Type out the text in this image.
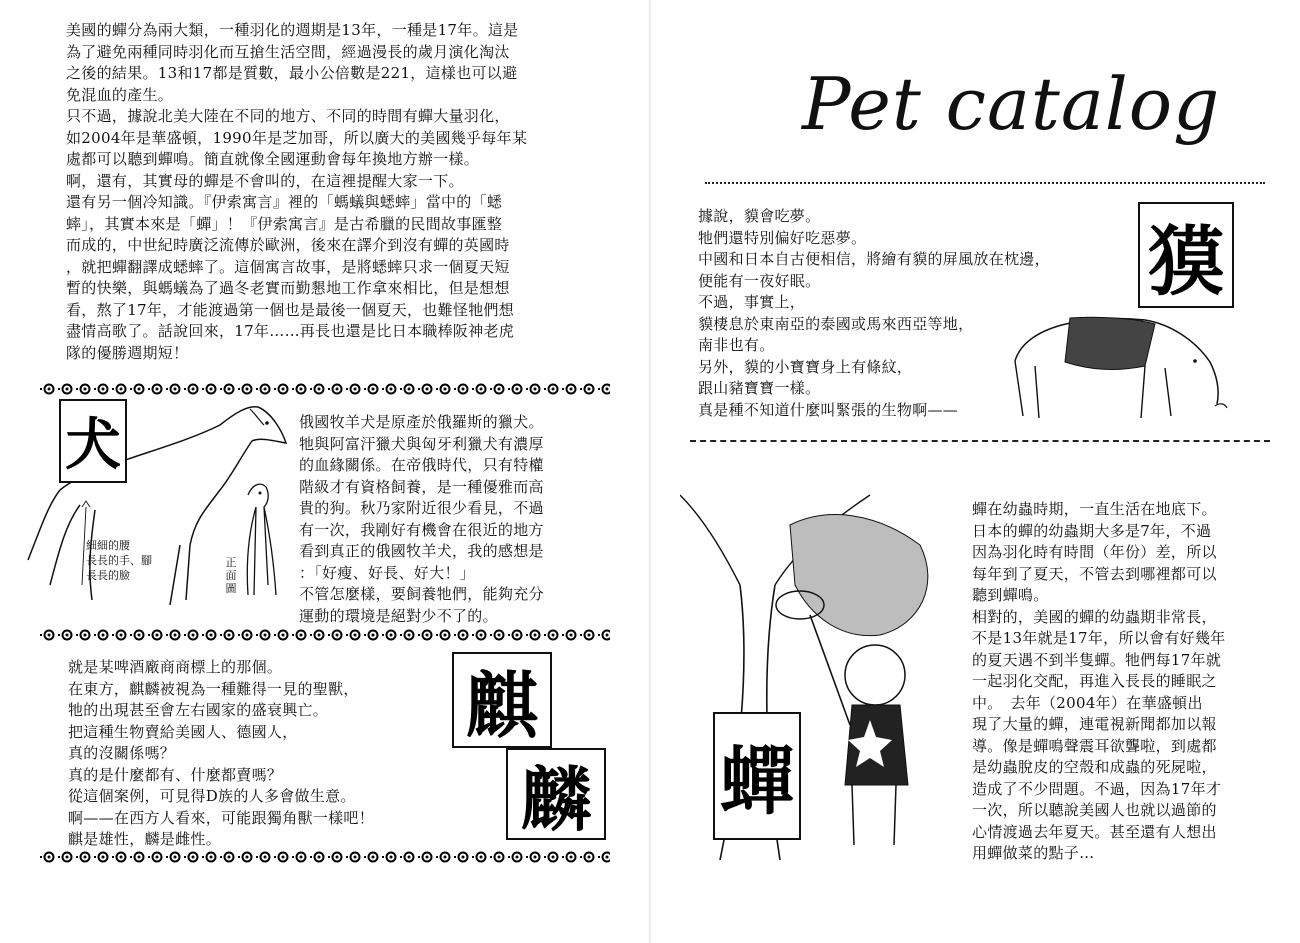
美國的蟬分為兩大類，一種羽化的週期是13年，一種是17年。這是
為了避免兩種同時羽化而互搶生活空間，經過漫長的歲月演化淘汰
之後的結果。13和17都是質數，最小公倍數是221，這樣也可以避
免混血的產生。
只不過，據說北美大陸在不同的地方、不同的時間有蟬大量羽化，
如2004年是華盛頓，1990年是芝加哥，所以廣大的美國幾乎每年某
處都可以聽到蟬鳴。簡直就像全國運動會每年換地方辦一樣。
啊，還有，其實母的蟬是不會叫的，在這裡提醒大家一下。
還有另一個冷知識。『伊索寓言』裡的「螞蟻與蟋蟀」當中的「蟋
蟀」，其實本來是「蟬」！『伊索寓言』是古希臘的民間故事匯整
而成的，中世紀時廣泛流傳於歐洲，後來在譯介到沒有蟬的英國時
，就把蟬翻譯成蟋蟀了。這個寓言故事，是將蟋蟀只求一個夏天短
暫的快樂，與螞蟻為了過冬老實而勤懇地工作拿來相比，但是想想
看，熬了17年，才能渡過第一個也是最後一個夏天，也難怪牠們想
盡情高歌了。話說回來，17年……再長也還是比日本職棒阪神老虎
隊的優勝週期短！
犬
細細的腰
長長的手、腳
長長的臉
正面圖
俄國牧羊犬是原產於俄羅斯的獵犬。
牠與阿富汗獵犬與匈牙利獵犬有濃厚
的血緣關係。在帝俄時代，只有特權
階級才有資格飼養，是一種優雅而高
貴的狗。秋乃家附近很少看見，不過
有一次，我剛好有機會在很近的地方
看到真正的俄國牧羊犬，我的感想是
：「好瘦、好長、好大！」
不管怎麼樣，要飼養牠們，能夠充分
運動的環境是絕對少不了的。
就是某啤酒廠商商標上的那個。
在東方，麒麟被視為一種難得一見的聖獸，
牠的出現甚至會左右國家的盛衰興亡。
把這種生物賣給美國人、德國人，
真的沒關係嗎？
真的是什麼都有、什麼都賣嗎？
從這個案例，可見得D族的人多會做生意。
啊——在西方人看來，可能跟獨角獸一樣吧！
麒是雄性，麟是雌性。
麒
麟
Pet catalog
據說，貘會吃夢。
牠們還特別偏好吃惡夢。
中國和日本自古便相信，將繪有貘的屏風放在枕邊，
便能有一夜好眠。
不過，事實上，
貘棲息於東南亞的泰國或馬來西亞等地，
南非也有。
另外，貘的小寶寶身上有條紋，
跟山豬寶寶一樣。
真是種不知道什麼叫緊張的生物啊——
獏
蟬
蟬在幼蟲時期，一直生活在地底下。
日本的蟬的幼蟲期大多是7年，不過
因為羽化時有時間（年份）差，所以
每年到了夏天，不管去到哪裡都可以
聽到蟬鳴。
相對的，美國的蟬的幼蟲期非常長，
不是13年就是17年，所以會有好幾年
的夏天遇不到半隻蟬。牠們每17年就
一起羽化交配，再進入長長的睡眠之
中。　去年（2004年）在華盛頓出
現了大量的蟬，連電視新聞都加以報
導。像是蟬鳴聲震耳欲聾啦，到處都
是幼蟲脫皮的空殼和成蟲的死屍啦，
造成了不少問題。不過，因為17年才
一次，所以聽說美國人也就以過節的
心情渡過去年夏天。甚至還有人想出
用蟬做菜的點子…
